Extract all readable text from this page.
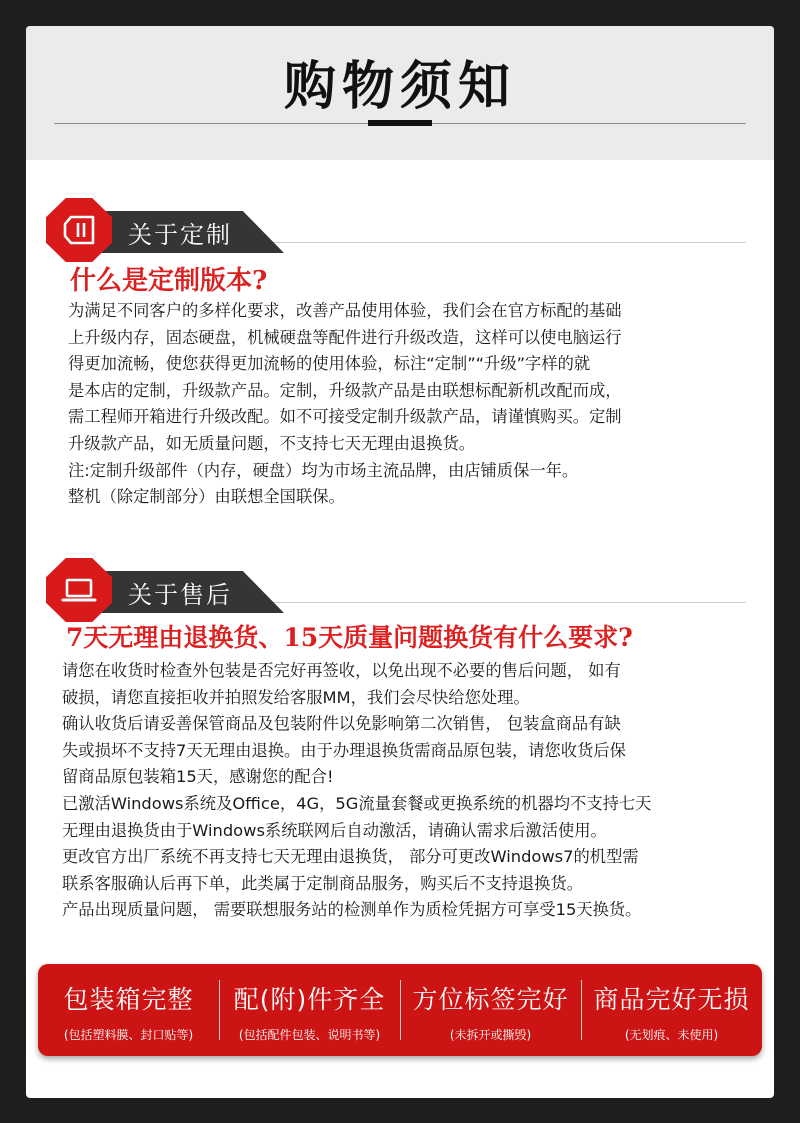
购物须知
关于定制
什么是定制版本?

为满足不同客户的多样化要求，改善产品使用体验，我们会在官方标配的基础

上升级内存，固态硬盘，机械硬盘等配件进行升级改造，这样可以使电脑运行

得更加流畅，使您获得更加流畅的使用体验，标注“定制”“升级”字样的就

是本店的定制，升级款产品。定制，升级款产品是由联想标配新机改配而成，

需工程师开箱进行升级改配。如不可接受定制升级款产品，请谨慎购买。定制

升级款产品，如无质量问题，不支持七天无理由退换货。

注:定制升级部件（内存，硬盘）均为市场主流品牌，由店铺质保一年。

整机（除定制部分）由联想全国联保。

关于售后
7天无理由退换货、15天质量问题换货有什么要求?

请您在收货时检查外包装是否完好再签收，以免出现不必要的售后问题， 如有

破损，请您直接拒收并拍照发给客服MM，我们会尽快给您处理。

确认收货后请妥善保管商品及包装附件以免影响第二次销售， 包装盒商品有缺

失或损坏不支持7天无理由退换。由于办理退换货需商品原包装，请您收货后保

留商品原包装箱15天，感谢您的配合!

已激活Windows系统及Office，4G，5G流量套餐或更换系统的机器均不支持七天

无理由退换货由于Windows系统联网后自动激活，请确认需求后激活使用。

更改官方出厂系统不再支持七天无理由退换货， 部分可更改Windows7的机型需

联系客服确认后再下单，此类属于定制商品服务，购买后不支持退换货。

产品出现质量问题， 需要联想服务站的检测单作为质检凭据方可享受15天换货。

包装箱完整
(包括塑料膜、封口贴等)
配(附)件齐全
(包括配件包装、说明书等)
方位标签完好
(未拆开或撕毁)
商品完好无损
(无划痕、未使用)
